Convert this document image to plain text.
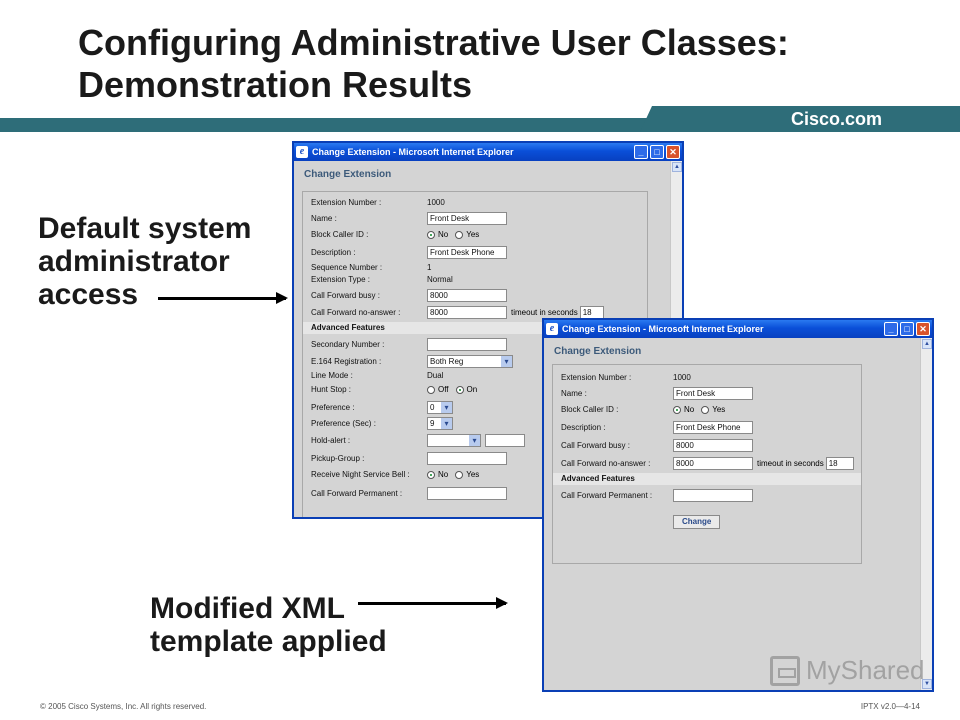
Configuring Administrative User Classes:
Demonstration Results
Cisco.com
Default system
administrator
access
e Change Extension - Microsoft Internet Explorer	_	□	✕
Change Extension
Extension Number :	1000
Name :	Front Desk
Block Caller ID :	No Yes
Description :	Front Desk Phone
Sequence Number :	1
Extension Type :	Normal
Call Forward busy :	8000
Call Forward no-answer :	8000	timeout in seconds 18
Advanced Features
Secondary Number :
E.164 Registration :	Both Reg ▾
Line Mode :	Dual
Hunt Stop :	Off On
Preference :	0 ▾
Preference (Sec) :	9 ▾
Hold-alert :
▾
Pickup-Group :
Receive Night Service Bell :	No Yes
Call Forward Permanent :
▲
e Change Extension - Microsoft Internet Explorer	_	□	✕
Change Extension
Extension Number :	1000
Name :	Front Desk
Block Caller ID :	No Yes
Description :	Front Desk Phone
Call Forward busy :	8000
Call Forward no-answer :	8000	timeout in seconds 18
Advanced Features
Call Forward Permanent :
Change
▲
▼
Modified XML
template applied
MyShared
© 2005 Cisco Systems, Inc. All rights reserved.	IPTX v2.0—4-14
